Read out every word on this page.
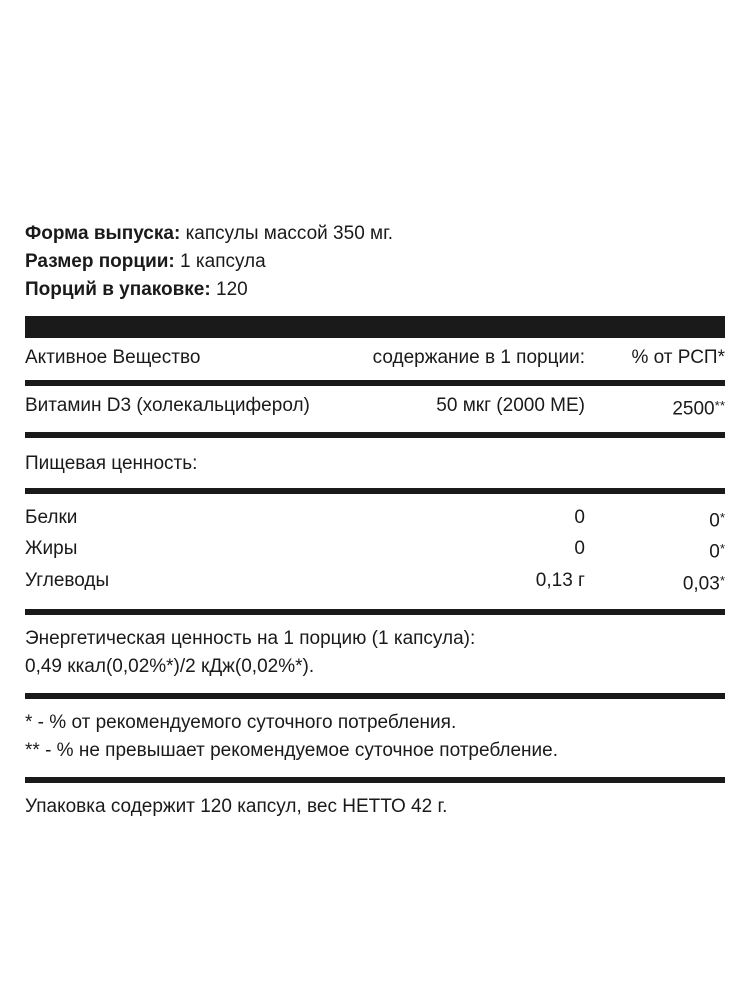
Форма выпуска: капсулы массой 350 мг.
Размер порции: 1 капсула
Порций в упаковке: 120
Активное Вещество	содержание в 1 порции:	% от РСП*
Витамин D3 (холекальциферол)	50 мкг (2000 МЕ)	2500**
Пищевая ценность:
Белки	0	0*
Жиры	0	0*
Углеводы	0,13 г	0,03*
Энергетическая ценность на 1 порцию (1 капсула):
0,49 ккал(0,02%*)/2 кДж(0,02%*).
* - % от рекомендуемого суточного потребления.
** - % не превышает рекомендуемое суточное потребление.
Упаковка содержит 120 капсул, вес НЕТТО 42 г.
